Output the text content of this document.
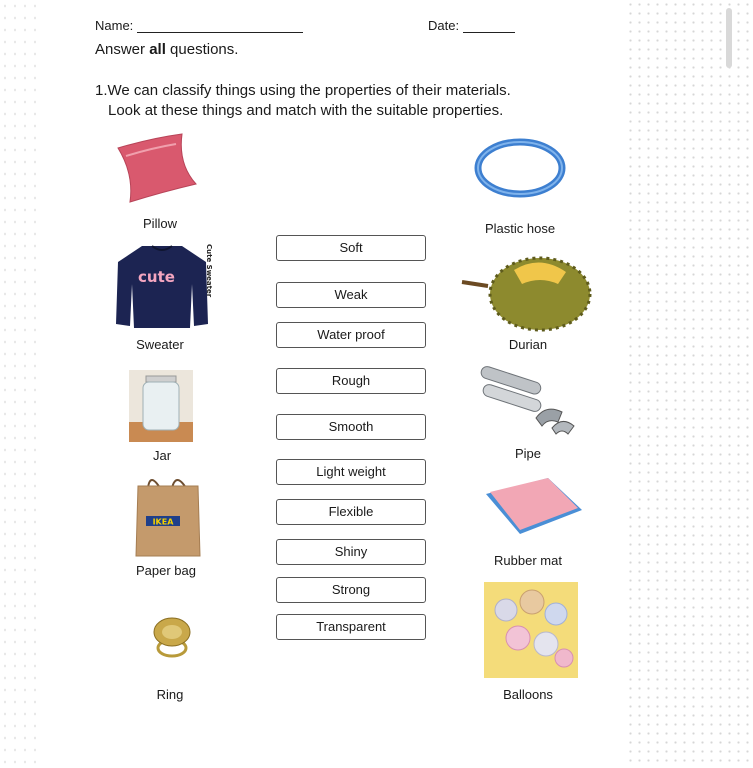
Name:	Date:
Answer all questions.
1.We can classify things using the properties of their materials.
Look at these things and match with the suitable properties.
Pillow
cute	Cute Sweater
Sweater
Jar
IKEA
Paper bag
Ring
Soft
Weak
Water proof
Rough
Smooth
Light weight
Flexible
Shiny
Strong
Transparent
Plastic hose
Durian
Pipe
Rubber mat
Balloons
